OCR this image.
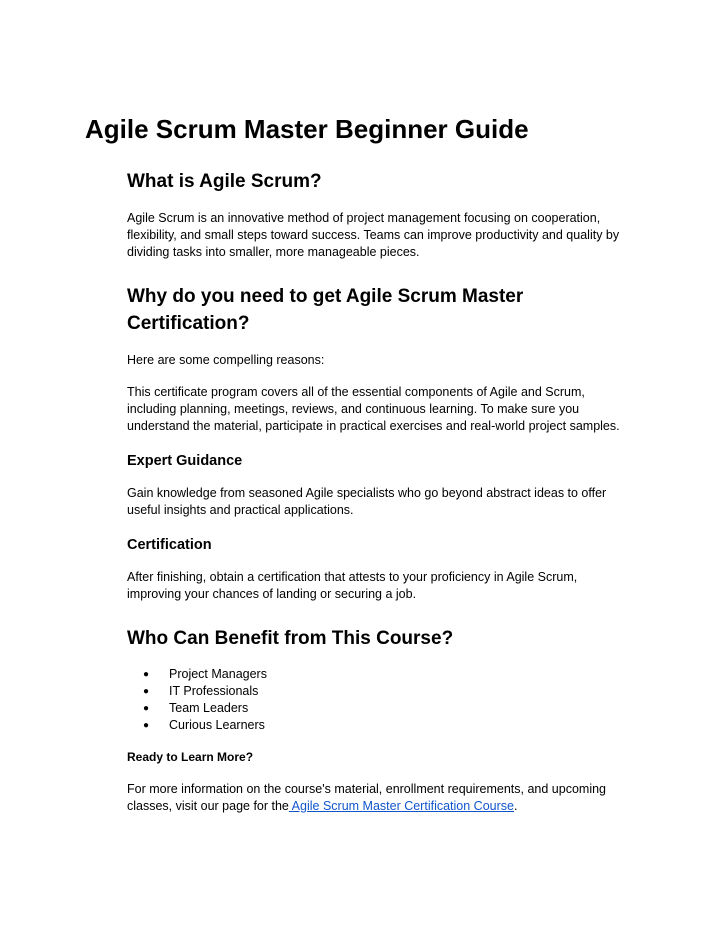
Agile Scrum Master Beginner Guide
What is Agile Scrum?

Agile Scrum is an innovative method of project management focusing on cooperation, flexibility, and small steps toward success. Teams can improve productivity and quality by dividing tasks into smaller, more manageable pieces.

Why do you need to get Agile Scrum Master Certification?

Here are some compelling reasons:

This certificate program covers all of the essential components of Agile and Scrum, including planning, meetings, reviews, and continuous learning. To make sure you understand the material, participate in practical exercises and real-world project samples.

Expert Guidance

Gain knowledge from seasoned Agile specialists who go beyond abstract ideas to offer useful insights and practical applications.

Certification

After finishing, obtain a certification that attests to your proficiency in Agile Scrum, improving your chances of landing or securing a job.

Who Can Benefit from This Course?
● Project Managers
● IT Professionals
● Team Leaders
● Curious Learners
Ready to Learn More?

For more information on the course's material, enrollment requirements, and upcoming classes, visit our page for the Agile Scrum Master Certification Course.
